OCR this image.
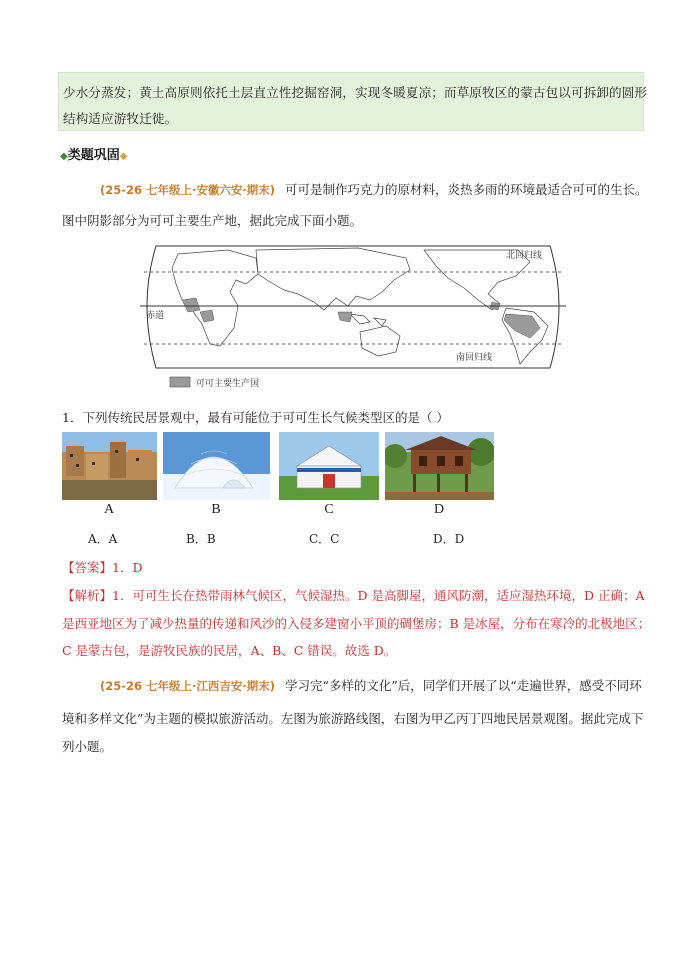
少水分蒸发；黄土高原则依托土层直立性挖掘窑洞，实现冬暖夏凉；而草原牧区的蒙古包以可拆卸的圆形
结构适应游牧迁徙。
◆类题巩固◆
(25-26 七年级上·安徽六安·期末) 可可是制作巧克力的原材料，炎热多雨的环境最适合可可的生长。
图中阴影部分为可可主要生产地，据此完成下面小题。
北回归线
赤道
南回归线
可可主要生产国
1．下列传统民居景观中，最有可能位于可可生长气候类型区的是（ ）
A	B	C	D
A．A	B．B	C．C	D．D
【答案】1．D
【解析】1．可可生长在热带雨林气候区，气候湿热。D 是高脚屋，通风防潮，适应湿热环境，D 正确；A
是西亚地区为了减少热量的传递和风沙的入侵多建窗小平顶的碉堡房；B 是冰屋，分布在寒冷的北极地区；
C 是蒙古包，是游牧民族的民居，A、B、C 错误。故选 D。
(25-26 七年级上·江西吉安·期末) 学习完“多样的文化”后，同学们开展了以“走遍世界，感受不同环
境和多样文化”为主题的模拟旅游活动。左图为旅游路线图，右图为甲乙丙丁四地民居景观图。据此完成下
列小题。
